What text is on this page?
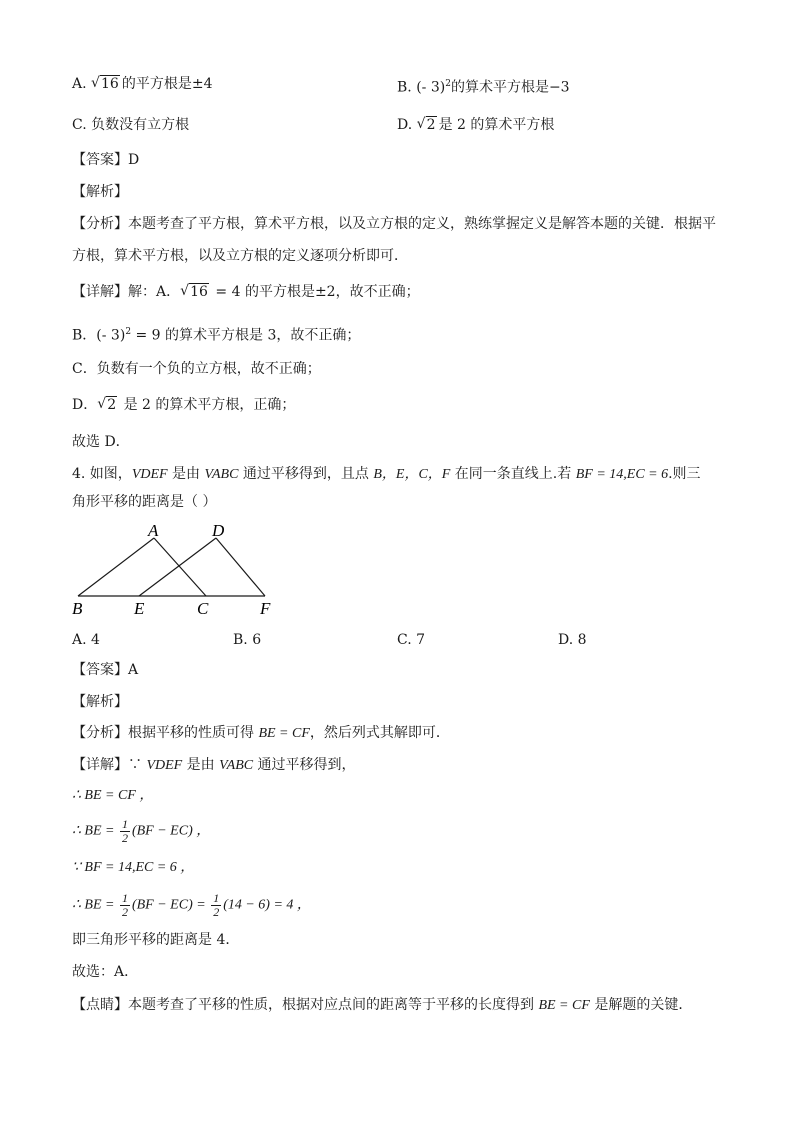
A. √ 16 的平方根是±4	B. (- 3)$^2$的算术平方根是−3
C. 负数没有立方根	D. √ 2 是 2 的算术平方根
【答案】D
【解析】
【分析】本题考查了平方根，算术平方根，以及立方根的定义，熟练掌握定义是解答本题的关键．根据平
方根，算术平方根，以及立方根的定义逐项分析即可．
【详解】解：A． √ 16 = 4 的平方根是±2，故不正确；
B．(- 3)$^2$ = 9 的算术平方根是 3，故不正确；
C．负数有一个负的立方根，故不正确；
D． √ 2 是 2 的算术平方根，正确；
故选 D．
4. 如图，VDEF 是由 VABC 通过平移得到，且点 B，E，C，F 在同一条直线上.若 BF = 14,EC = 6.则三
角形平移的距离是（ ）
A	D
B	E	C	F
A. 4	B. 6	C. 7	D. 8
【答案】A
【解析】
【分析】根据平移的性质可得 BE = CF，然后列式其解即可．
【详解】∵ VDEF 是由 VABC 通过平移得到，
∴ BE = CF ，
∴ BE = $\frac{1}{2} (BF - EC)$ ，
∵ BF = 14,EC = 6 ，
∴ BE = $\frac{1}{2} (BF - EC) = \frac{1}{2} (14 - 6) = 4$ ，
即三角形平移的距离是 4．
故选：A．
【点睛】本题考查了平移的性质，根据对应点间的距离等于平移的长度得到 BE = CF 是解题的关键．
